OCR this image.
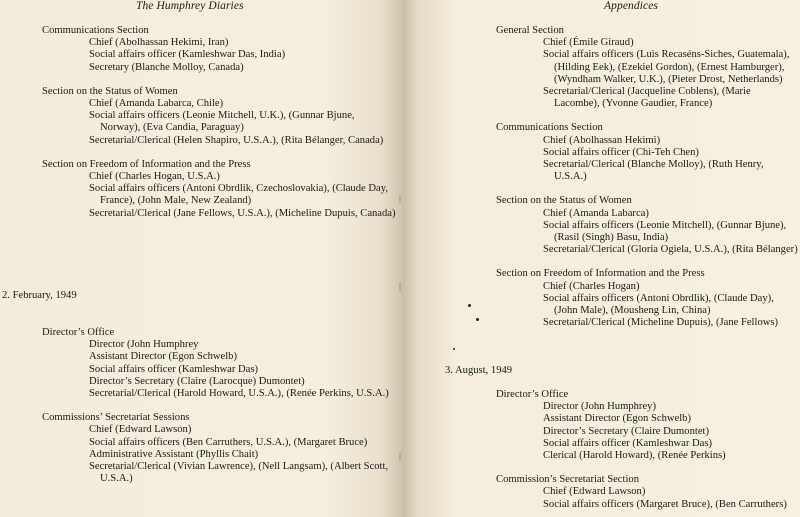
The Humphrey Diaries
Communications Section
Chief (Abolhassan Hekimi, Iran)
Social affairs officer (Kamleshwar Das, India)
Secretary (Blanche Molloy, Canada)
Section on the Status of Women
Chief (Amanda Labarca, Chile)
Social affairs officers (Leonie Mitchell, U.K.), (Gunnar Bjune, Norway), (Eva Candia, Paraguay)
Secretarial/Clerical (Helen Shapiro, U.S.A.), (Rita Bélanger, Canada)
Section on Freedom of Information and the Press
Chief (Charles Hogan, U.S.A.)
Social affairs officers (Antoni Obrdlik, Czechoslovakia), (Claude Day, France), (John Male, New Zealand)
Secretarial/Clerical (Jane Fellows, U.S.A.), (Micheline Dupuis, Canada)
2. February, 1949
Director’s Office
Director (John Humphrey
Assistant Director (Egon Schwelb)
Social affairs officer (Kamleshwar Das)
Director’s Secretary (Claire (Larocque) Dumontet)
Secretarial/Clerical (Harold Howard, U.S.A.), (Renée Perkins, U.S.A.)
Commissions’ Secretariat Sessions
Chief (Edward Lawson)
Social affairs officers (Ben Carruthers, U.S.A.), (Margaret Bruce)
Administrative Assistant (Phyllis Chait)
Secretarial/Clerical (Vivian Lawrence), (Nell Langsam), (Albert Scott, U.S.A.)
Appendices
General Section
Chief (Émile Giraud)
Social affairs officers (Luis Recaséns-Siches, Guatemala), (Hilding Eek), (Ezekiel Gordon), (Ernest Hamburger), (Wyndham Walker, U.K.), (Pieter Drost, Netherlands)
Secretarial/Clerical (Jacqueline Coblens), (Marie Lacombe), (Yvonne Gaudier, France)
Communications Section
Chief (Abolhassan Hekimi)
Social affairs officer (Chi-Teh Chen)
Secretarial/Clerical (Blanche Molloy), (Ruth Henry, U.S.A.)
Section on the Status of Women
Chief (Amanda Labarca)
Social affairs officers (Leonie Mitchell), (Gunnar Bjune), (Rasil (Singh) Basu, India)
Secretarial/Clerical (Gloria Ogiela, U.S.A.), (Rita Bélanger)
Section on Freedom of Information and the Press
Chief (Charles Hogan)
Social affairs officers (Antoni Obrdlik), (Claude Day), (John Male), (Mousheng Lin, China)
Secretarial/Clerical (Micheline Dupuis), (Jane Fellows)
3. August, 1949
Director’s Office
Director (John Humphrey)
Assistant Director (Egon Schwelb)
Director’s Secretary (Claire Dumontet)
Social affairs officer (Kamleshwar Das)
Clerical (Harold Howard), (Renée Perkins)
Commission’s Secretariat Section
Chief (Edward Lawson)
Social affairs officers (Margaret Bruce), (Ben Carruthers)
